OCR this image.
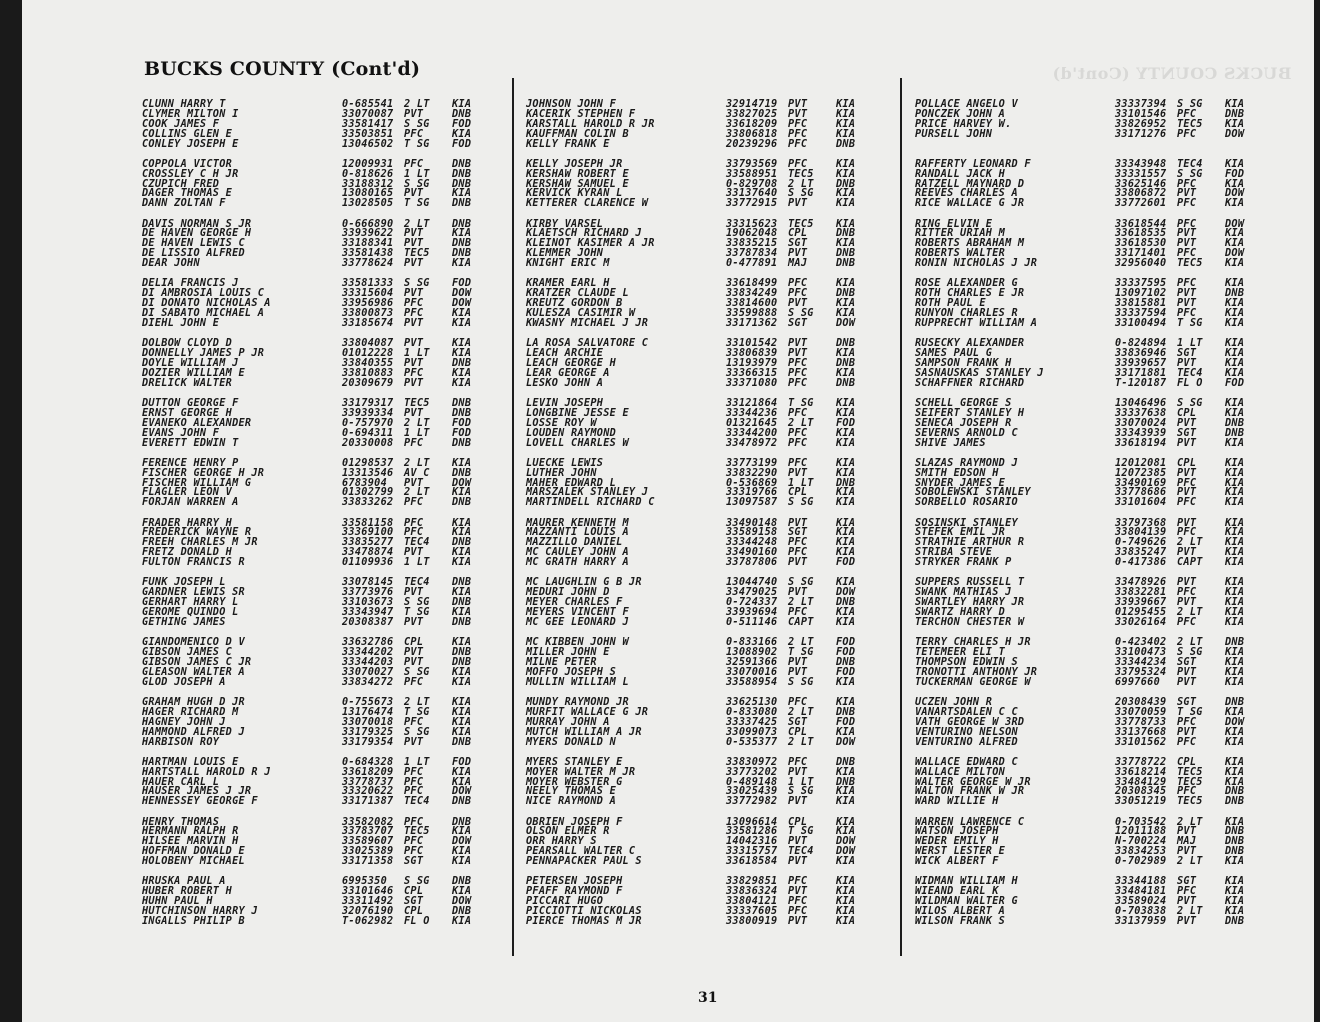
BUCKS COUNTY (Cont'd)
BUCKS COUNTY (Cont'd)
CLUNN HARRY T	0-685541 2 LT KIA
CLYMER MILTON I	33070087 PVT	DNB
COOK JAMES F	33581417 S SG FOD
COLLINS GLEN E	33503851 PFC	KIA
CONLEY JOSEPH E	13046502 T SG FOD
COPPOLA VICTOR	12009931 PFC	DNB
CROSSLEY C H JR	0-818626 1 LT DNB
CZUPICH FRED	33188312 S SG DNB
DAGER THOMAS E	13080165 PVT	KIA
DANN ZOLTAN F	13028505 T SG DNB
DAVIS NORMAN S JR	0-666890 2 LT DNB
DE HAVEN GEORGE H	33939622 PVT	KIA
DE HAVEN LEWIS C	33188341 PVT	DNB
DE LISSIO ALFRED	33581438 TEC5 DNB
DEAR JOHN	33778624 PVT	KIA
DELIA FRANCIS J	33581333 S SG FOD
DI AMBROSIA LOUIS C	33315604 PVT	DOW
DI DONATO NICHOLAS A	33956986 PFC	DOW
DI SABATO MICHAEL A	33800873 PFC	KIA
DIEHL JOHN E	33185674 PVT	KIA
DOLBOW CLOYD D	33804087 PVT	KIA
DONNELLY JAMES P JR	01012228 1 LT KIA
DOYLE WILLIAM J	33840355 PVT	DNB
DOZIER WILLIAM E	33810883 PFC	KIA
DRELICK WALTER	20309679 PVT	KIA
DUTTON GEORGE F	33179317 TEC5 DNB
ERNST GEORGE H	33939334 PVT	DNB
EVANEKO ALEXANDER	0-757970 2 LT FOD
EVANS JOHN F	0-694311 1 LT FOD
EVERETT EDWIN T	20330008 PFC	DNB
FERENCE HENRY P	01298537 2 LT KIA
FISCHER GEORGE H JR	13313546 AV C DNB
FISCHER WILLIAM G	6783904 PVT	DOW
FLAGLER LEON V	01302799 2 LT KIA
FORJAN WARREN A	33833262 PFC	DNB
FRADER HARRY H	33581158 PFC	KIA
FREDERICK WAYNE R	33369100 PFC	KIA
FREEH CHARLES M JR	33835277 TEC4 DNB
FRETZ DONALD H	33478874 PVT	KIA
FULTON FRANCIS R	01109936 1 LT KIA
FUNK JOSEPH L	33078145 TEC4 DNB
GARDNER LEWIS SR	33773976 PVT	KIA
GERHART HARRY L	33103673 S SG DNB
GEROME QUINDO L	33343947 T SG KIA
GETHING JAMES	20308387 PVT	DNB
GIANDOMENICO D V	33632786 CPL	KIA
GIBSON JAMES C	33344202 PVT	DNB
GIBSON JAMES C JR	33344203 PVT	DNB
GLEASON WALTER A	33070027 S SG KIA
GLOD JOSEPH A	33834272 PFC	KIA
GRAHAM HUGH D JR	0-755673 2 LT KIA
HAGER RICHARD M	13176474 T SG KIA
HAGNEY JOHN J	33070018 PFC	KIA
HAMMOND ALFRED J	33179325 S SG KIA
HARBISON ROY	33179354 PVT	DNB
HARTMAN LOUIS E	0-684328 1 LT FOD
HARTSTALL HAROLD R J	33618209 PFC	KIA
HAUER CARL L	33778737 PFC	KIA
HAUSER JAMES J JR	33320622 PFC	DOW
HENNESSEY GEORGE F	33171387 TEC4 DNB
HENRY THOMAS	33582082 PFC	DNB
HERMANN RALPH R	33783707 TEC5 KIA
HILSEE MARVIN H	33589607 PFC	DOW
HOFFMAN DONALD E	33025389 PFC	KIA
HOLOBENY MICHAEL	33171358 SGT	KIA
HRUSKA PAUL A	6995350 S SG DNB
HUBER ROBERT H	33101646 CPL	KIA
HUHN PAUL H	33311492 SGT	DOW
HUTCHINSON HARRY J	32076190 CPL	DNB
INGALLS PHILIP B	T-062982 FL O KIA
JOHNSON JOHN F	32914719 PVT	KIA
KACERIK STEPHEN F	33827025 PVT	KIA
KARSTALL HAROLD R JR	33618209 PFC	KIA
KAUFFMAN COLIN B	33806818 PFC	KIA
KELLY FRANK E	20239296 PFC	DNB
KELLY JOSEPH JR	33793569 PFC	KIA
KERSHAW ROBERT E	33588951 TEC5 KIA
KERSHAW SAMUEL E	0-829708 2 LT DNB
KERVICK KYRAN L	33137640 S SG KIA
KETTERER CLARENCE W	33772915 PVT	KIA
KIRBY VARSEL	33315623 TEC5 KIA
KLAETSCH RICHARD J	19062048 CPL	DNB
KLEINOT KASIMER A JR	33835215 SGT	KIA
KLEMMER JOHN	33787834 PVT	DNB
KNIGHT ERIC M	0-477891 MAJ	DNB
KRAMER EARL H	33618499 PFC	KIA
KRATZER CLAUDE L	33834249 PFC	DNB
KREUTZ GORDON B	33814600 PVT	KIA
KULESZA CASIMIR W	33599888 S SG KIA
KWASNY MICHAEL J JR	33171362 SGT	DOW
LA ROSA SALVATORE C	33101542 PVT	DNB
LEACH ARCHIE	33806839 PVT	KIA
LEACH GEORGE H	13193979 PFC	DNB
LEAR GEORGE A	33366315 PFC	KIA
LESKO JOHN A	33371080 PFC	DNB
LEVIN JOSEPH	33121864 T SG KIA
LONGBINE JESSE E	33344236 PFC	KIA
LOSSE ROY W	01321645 2 LT FOD
LOUDEN RAYMOND	33344200 PFC	KIA
LOVELL CHARLES W	33478972 PFC	KIA
LUECKE LEWIS	33773199 PFC	KIA
LUTHER JOHN	33832290 PVT	KIA
MAHER EDWARD L	0-536869 1 LT DNB
MARSZALEK STANLEY J	33319766 CPL	KIA
MARTINDELL RICHARD C	13097587 S SG KIA
MAURER KENNETH M	33490148 PVT	KIA
MAZZANTI LOUIS A	33589158 SGT	KIA
MAZZILLO DANIEL	33344248 PFC	KIA
MC CAULEY JOHN A	33490160 PFC	KIA
MC GRATH HARRY A	33787806 PVT	FOD
MC LAUGHLIN G B JR	13044740 S SG KIA
MEDURI JOHN D	33479025 PVT	DOW
MEYER CHARLES F	0-724337 2 LT DNB
MEYERS VINCENT F	33939694 PFC	KIA
MC GEE LEONARD J	0-511146 CAPT KIA
MC KIBBEN JOHN W	0-833166 2 LT FOD
MILLER JOHN E	13088902 T SG FOD
MILNE PETER	32591366 PVT	DNB
MOFFO JOSEPH S	33070016 PVT	FOD
MULLIN WILLIAM L	33588954 S SG KIA
MUNDY RAYMOND JR	33625130 PFC	KIA
MURFIT WALLACE G JR	0-833080 2 LT DNB
MURRAY JOHN A	33337425 SGT	FOD
MUTCH WILLIAM A JR	33099073 CPL	KIA
MYERS DONALD N	0-535377 2 LT DOW
MYERS STANLEY E	33830972 PFC	DNB
MOYER WALTER M JR	33773202 PVT	KIA
MOYER WEBSTER G	0-489148 1 LT DNB
NEELY THOMAS E	33025439 S SG KIA
NICE RAYMOND A	33772982 PVT	KIA
OBRIEN JOSEPH F	13096614 CPL	KIA
OLSON ELMER R	33581286 T SG KIA
ORR HARRY S	14042316 PVT	DOW
PEARSALL WALTER C	33315757 TEC4 DOW
PENNAPACKER PAUL S	33618584 PVT	KIA
PETERSEN JOSEPH	33829851 PFC	KIA
PFAFF RAYMOND F	33836324 PVT	KIA
PICCARI HUGO	33804121 PFC	KIA
PICCIOTTI NICKOLAS	33337605 PFC	KIA
PIERCE THOMAS M JR	33800919 PVT	KIA
POLLACE ANGELO V	33337394 S SG KIA
PONCZEK JOHN A	33101546 PFC	DNB
PRICE HARVEY W.	33826952 TEC5 KIA
PURSELL JOHN	33171276 PFC	DOW
RAFFERTY LEONARD F	33343948 TEC4 KIA
RANDALL JACK H	33331557 S SG FOD
RATZELL MAYNARD D	33625146 PFC	KIA
REEVES CHARLES A	33806872 PVT	DOW
RICE WALLACE G JR	33772601 PFC	KIA
RING ELVIN E	33618544 PFC	DOW
RITTER URIAH M	33618535 PVT	KIA
ROBERTS ABRAHAM M	33618530 PVT	KIA
ROBERTS WALTER	33171401 PFC	DOW
RONIN NICHOLAS J JR	32956040 TEC5 KIA
ROSE ALEXANDER G	33337595 PFC	KIA
ROTH CHARLES E JR	13097102 PVT	DNB
ROTH PAUL E	33815881 PVT	KIA
RUNYON CHARLES R	33337594 PFC	KIA
RUPPRECHT WILLIAM A	33100494 T SG KIA
RUSECKY ALEXANDER	0-824894 1 LT KIA
SAMES PAUL G	33836946 SGT	KIA
SAMPSON FRANK H	33939657 PVT	KIA
SASNAUSKAS STANLEY J	33171881 TEC4 KIA
SCHAFFNER RICHARD	T-120187 FL O FOD
SCHELL GEORGE S	13046496 S SG KIA
SEIFERT STANLEY H	33337638 CPL	KIA
SENECA JOSEPH R	33070024 PVT	DNB
SEVERNS ARNOLD C	33343939 SGT	DNB
SHIVE JAMES	33618194 PVT	KIA
SLAZAS RAYMOND J	12012081 CPL	KIA
SMITH EDSON H	12072385 PVT	KIA
SNYDER JAMES E	33490169 PFC	KIA
SOBOLEWSKI STANLEY	33778686 PVT	KIA
SORBELLO ROSARIO	33101604 PFC	KIA
SOSINSKI STANLEY	33797368 PVT	KIA
STEFEK EMIL JR	33804139 PFC	KIA
STRATHIE ARTHUR R	0-749626 2 LT KIA
STRIBA STEVE	33835247 PVT	KIA
STRYKER FRANK P	0-417386 CAPT KIA
SUPPERS RUSSELL T	33478926 PVT	KIA
SWANK MATHIAS J	33832281 PFC	KIA
SWARTLEY HARRY JR	33939667 PVT	KIA
SWARTZ HARRY D	01295455 2 LT KIA
TERCHON CHESTER W	33026164 PFC	KIA
TERRY CHARLES H JR	0-423402 2 LT DNB
TETEMEER ELI T	33100473 S SG KIA
THOMPSON EDWIN S	33344234 SGT	KIA
TRONOTTI ANTHONY JR	33795324 PVT	KIA
TUCKERMAN GEORGE W	6997660 PVT	KIA
UCZEN JOHN R	20308439 SGT	DNB
VANARTSDALEN C C	33070059 T SG KIA
VATH GEORGE W 3RD	33778733 PFC	DOW
VENTURINO NELSON	33137668 PVT	KIA
VENTURINO ALFRED	33101562 PFC	KIA
WALLACE EDWARD C	33778722 CPL	KIA
WALLACE MILTON	33618214 TEC5 KIA
WALTER GEORGE W JR	33484129 TEC5 KIA
WALTON FRANK W JR	20308345 PFC	DNB
WARD WILLIE H	33051219 TEC5 DNB
WARREN LAWRENCE C	0-703542 2 LT KIA
WATSON JOSEPH	12011188 PVT	DNB
WEDER EMILY H	N-700224 MAJ	DNB
WERST LESTER E	33834253 PVT	DNB
WICK ALBERT F	0-702989 2 LT KIA
WIDMAN WILLIAM H	33344188 SGT	KIA
WIEAND EARL K	33484181 PFC	KIA
WILDMAN WALTER G	33589024 PVT	KIA
WILOS ALBERT A	0-703838 2 LT KIA
WILSON FRANK S	33137959 PVT	DNB
31
